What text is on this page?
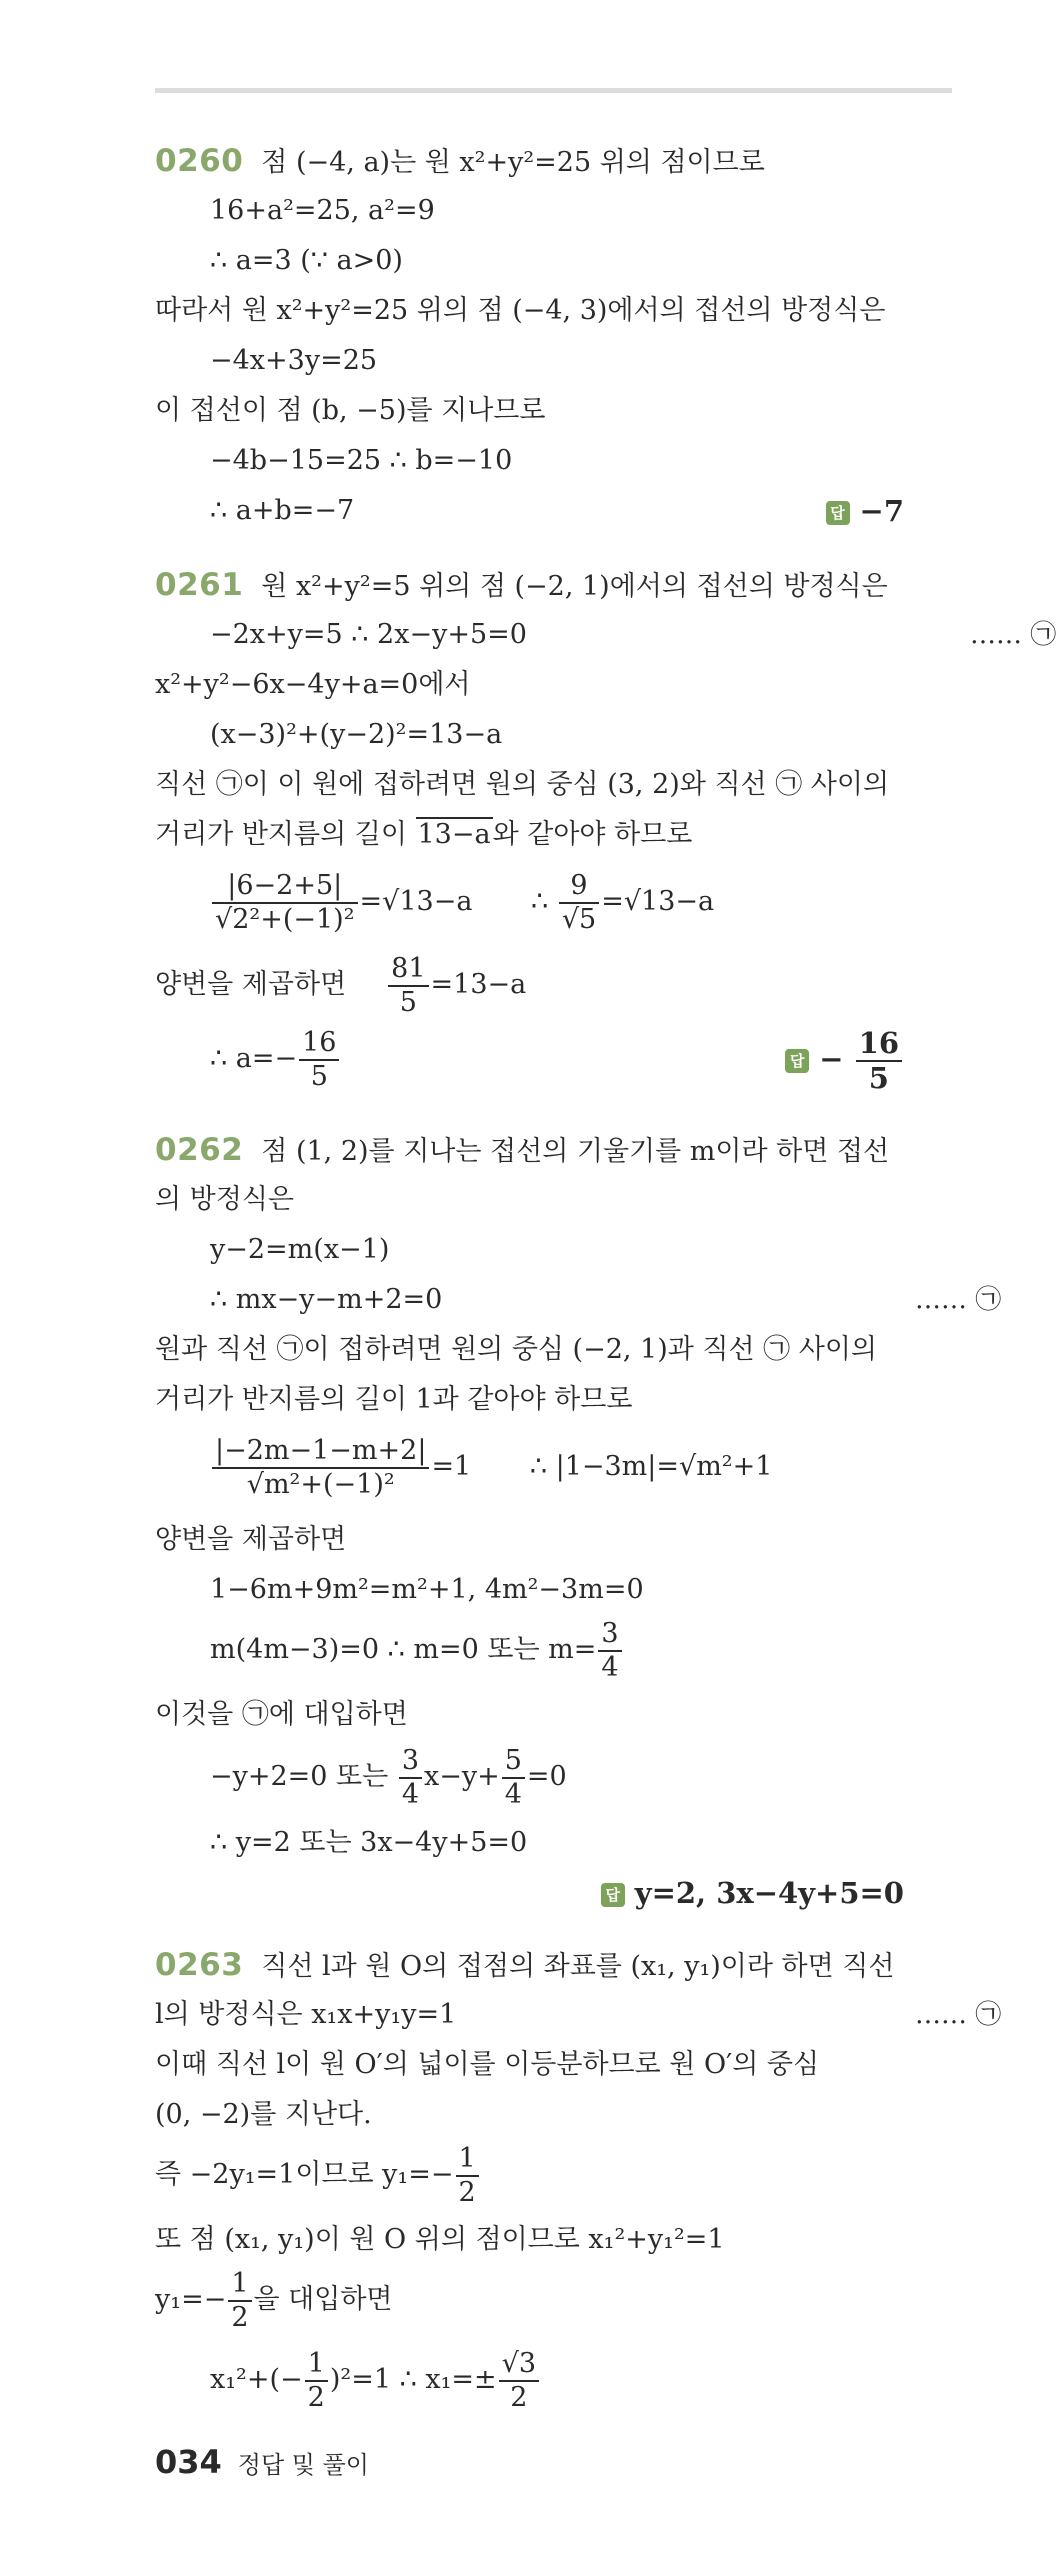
0260 점 (−4, a)는 원 x²+y²=25 위의 점이므로
16+a²=25, a²=9
∴ a=3 (∵ a>0)
따라서 원 x²+y²=25 위의 점 (−4, 3)에서의 접선의 방정식은
−4x+3y=25
이 접선이 점 (b, −5)를 지나므로
−4b−15=25 ∴ b=−10
∴ a+b=−7	답 −7
0261 원 x²+y²=5 위의 점 (−2, 1)에서의 접선의 방정식은
−2x+y=5 ∴ 2x−y+5=0	…… ㉠
x²+y²−6x−4y+a=0에서
(x−3)²+(y−2)²=13−a
직선 ㉠이 이 원에 접하려면 원의 중심 (3, 2)와 직선 ㉠ 사이의
거리가 반지름의 길이 13−a와 같아야 하므로
$\frac{|6-2+5|}{\text{√2²+(−1)²}} =√13-a$ ∴ $\frac{9}{√5} =√13-a$
양변을 제곱하면 $\frac{81}{5} =13-a$
∴ $a=- \frac{16}{5}$	답 − $\frac{16}{5}$
0262 점 (1, 2)를 지나는 접선의 기울기를 m이라 하면 접선
의 방정식은
y−2=m(x−1)
∴ mx−y−m+2=0	…… ㉠
원과 직선 ㉠이 접하려면 원의 중심 (−2, 1)과 직선 ㉠ 사이의
거리가 반지름의 길이 1과 같아야 하므로
$\frac{|-2m-1-m+2|}{\text{√m²+(−1)²}} =1$ ∴ |1−3m|=√m²+1
양변을 제곱하면
1−6m+9m²=m²+1, 4m²−3m=0
m(4m−3)=0 ∴ m=0 또는 $m= \frac{3}{4}$
이것을 ㉠에 대입하면
−y+2=0 또는 $\frac{3}{4} x-y+ \frac{5}{4} =0$
∴ y=2 또는 3x−4y+5=0
답 y=2, 3x−4y+5=0
0263 직선 l과 원 O의 접점의 좌표를 (x₁, y₁)이라 하면 직선
l의 방정식은 x₁x+y₁y=1	…… ㉠
이때 직선 l이 원 O′의 넓이를 이등분하므로 원 O′의 중심
(0, −2)를 지난다.
즉 −2y₁=1이므로 $y_1=- \frac{1}{2}$
또 점 (x₁, y₁)이 원 O 위의 점이므로 x₁²+y₁²=1
$y_1=- \frac{1}{2}$ 을 대입하면
$x_1^2+(- \frac{1}{2} )^2=1$ ∴ $x_1=\pm \frac{√3}{2}$
034 정답 및 풀이
